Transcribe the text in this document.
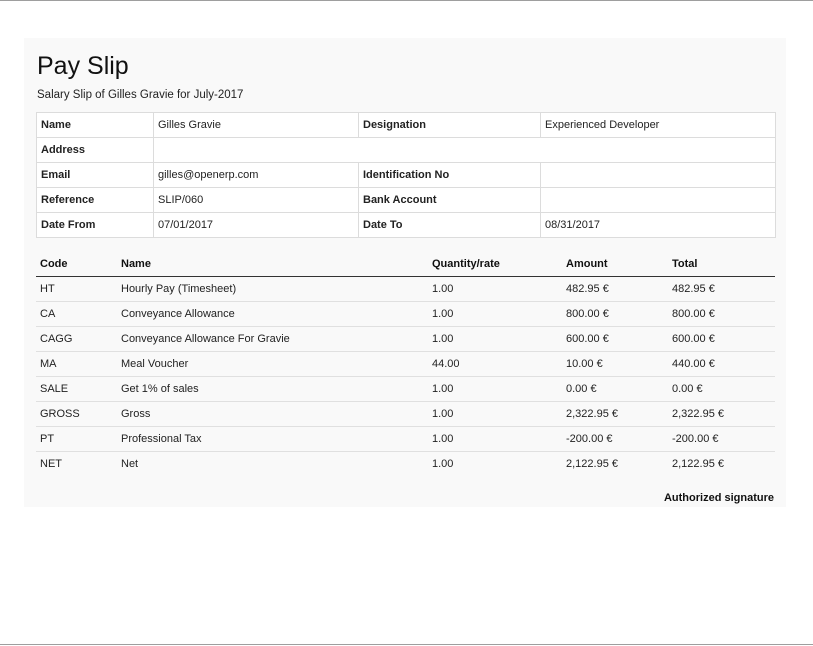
Pay Slip
Salary Slip of Gilles Gravie for July-2017
Name	Gilles Gravie	Designation	Experienced Developer
Address			
Email	gilles@openerp.com	Identification No	
Reference	SLIP/060	Bank Account	
Date From	07/01/2017	Date To	08/31/2017
Code	Name	Quantity/rate	Amount	Total
HT	Hourly Pay (Timesheet)	1.00	482.95 €	482.95 €
CA	Conveyance Allowance	1.00	800.00 €	800.00 €
CAGG	Conveyance Allowance For Gravie	1.00	600.00 €	600.00 €
MA	Meal Voucher	44.00	10.00 €	440.00 €
SALE	Get 1% of sales	1.00	0.00 €	0.00 €
GROSS	Gross	1.00	2,322.95 €	2,322.95 €
PT	Professional Tax	1.00	-200.00 €	-200.00 €
NET	Net	1.00	2,122.95 €	2,122.95 €
Authorized signature
